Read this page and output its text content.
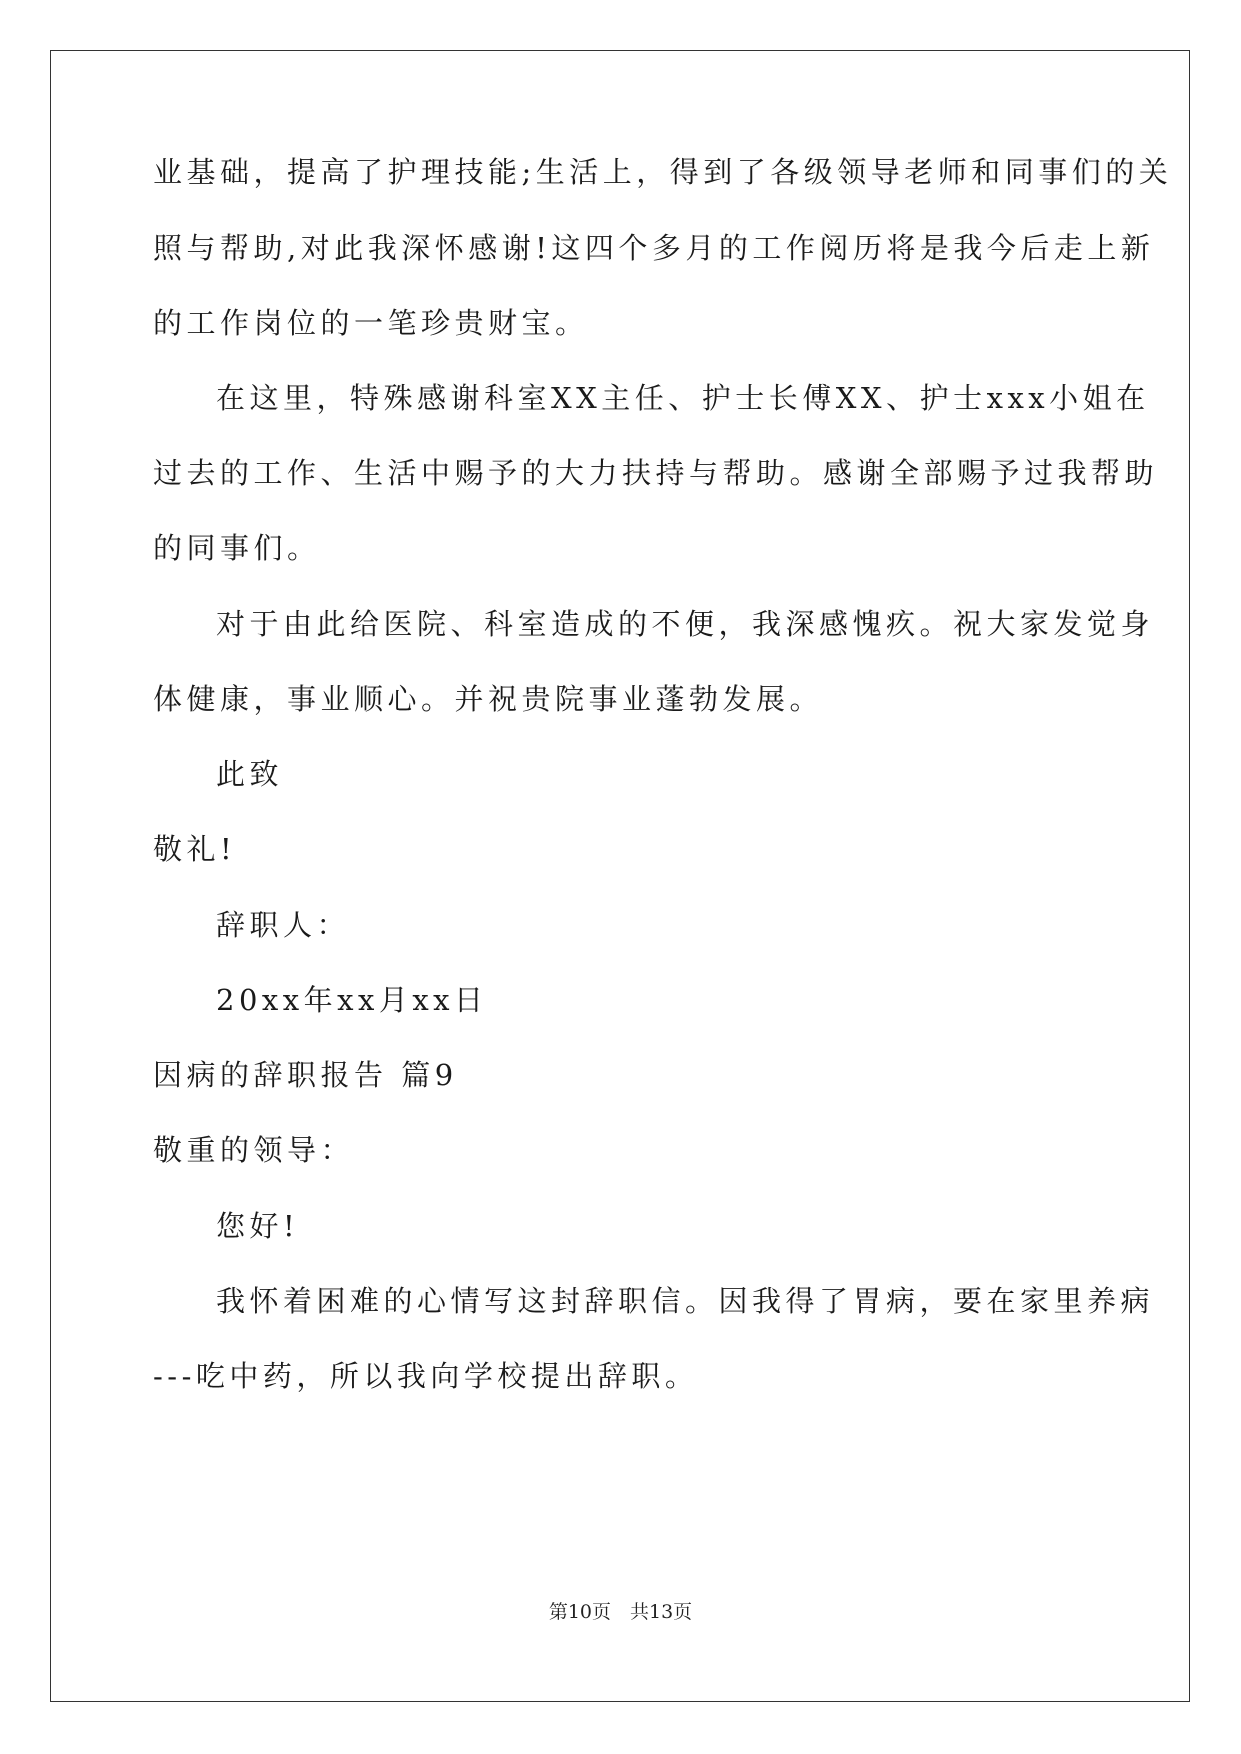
业基础，提高了护理技能;生活上，得到了各级领导老师和同事们的关
照与帮助,对此我深怀感谢!这四个多月的工作阅历将是我今后走上新
的工作岗位的一笔珍贵财宝。
在这里，特殊感谢科室XX主任、护士长傅XX、护士xxx小姐在
过去的工作、生活中赐予的大力扶持与帮助。感谢全部赐予过我帮助
的同事们。
对于由此给医院、科室造成的不便，我深感愧疚。祝大家发觉身
体健康，事业顺心。并祝贵院事业蓬勃发展。
此致
敬礼!
辞职人：
20xx年xx月xx日
因病的辞职报告 篇9
敬重的领导：
您好!
我怀着困难的心情写这封辞职信。因我得了胃病，要在家里养病
---吃中药，所以我向学校提出辞职。
第10页　共13页
